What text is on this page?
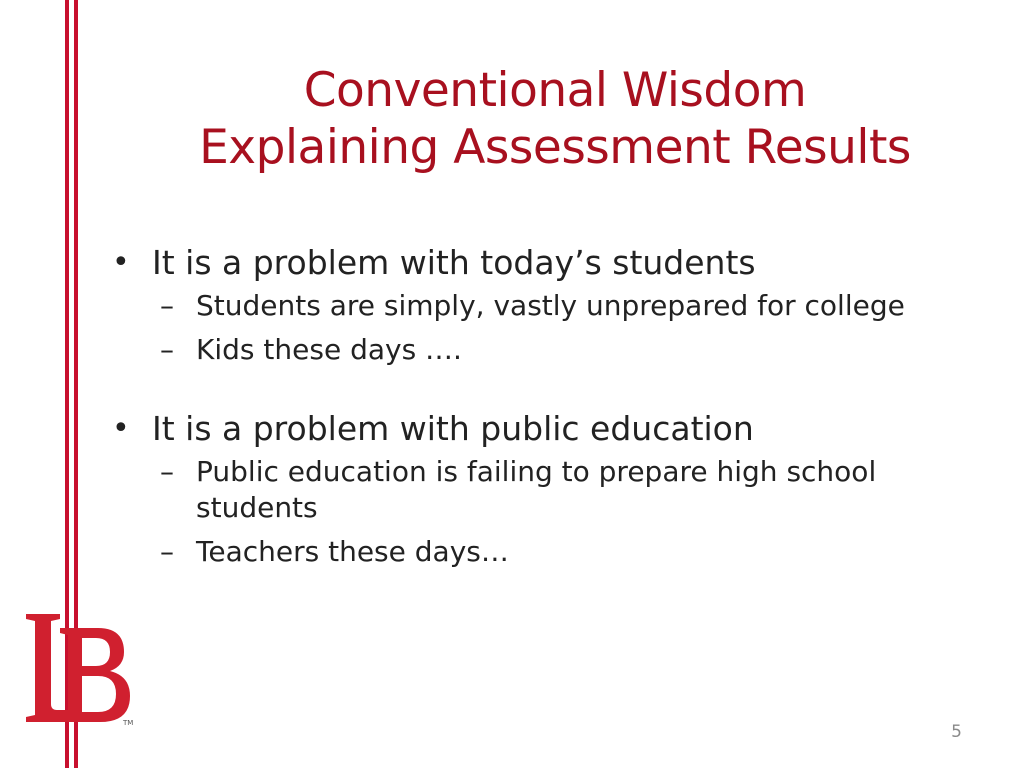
Conventional Wisdom
Explaining Assessment Results

• It is a problem with today’s students

– Students are simply, vastly unprepared for college

– Kids these days ….

• It is a problem with public education

– Public education is failing to prepare high school students

– Teachers these days…

TM	5
